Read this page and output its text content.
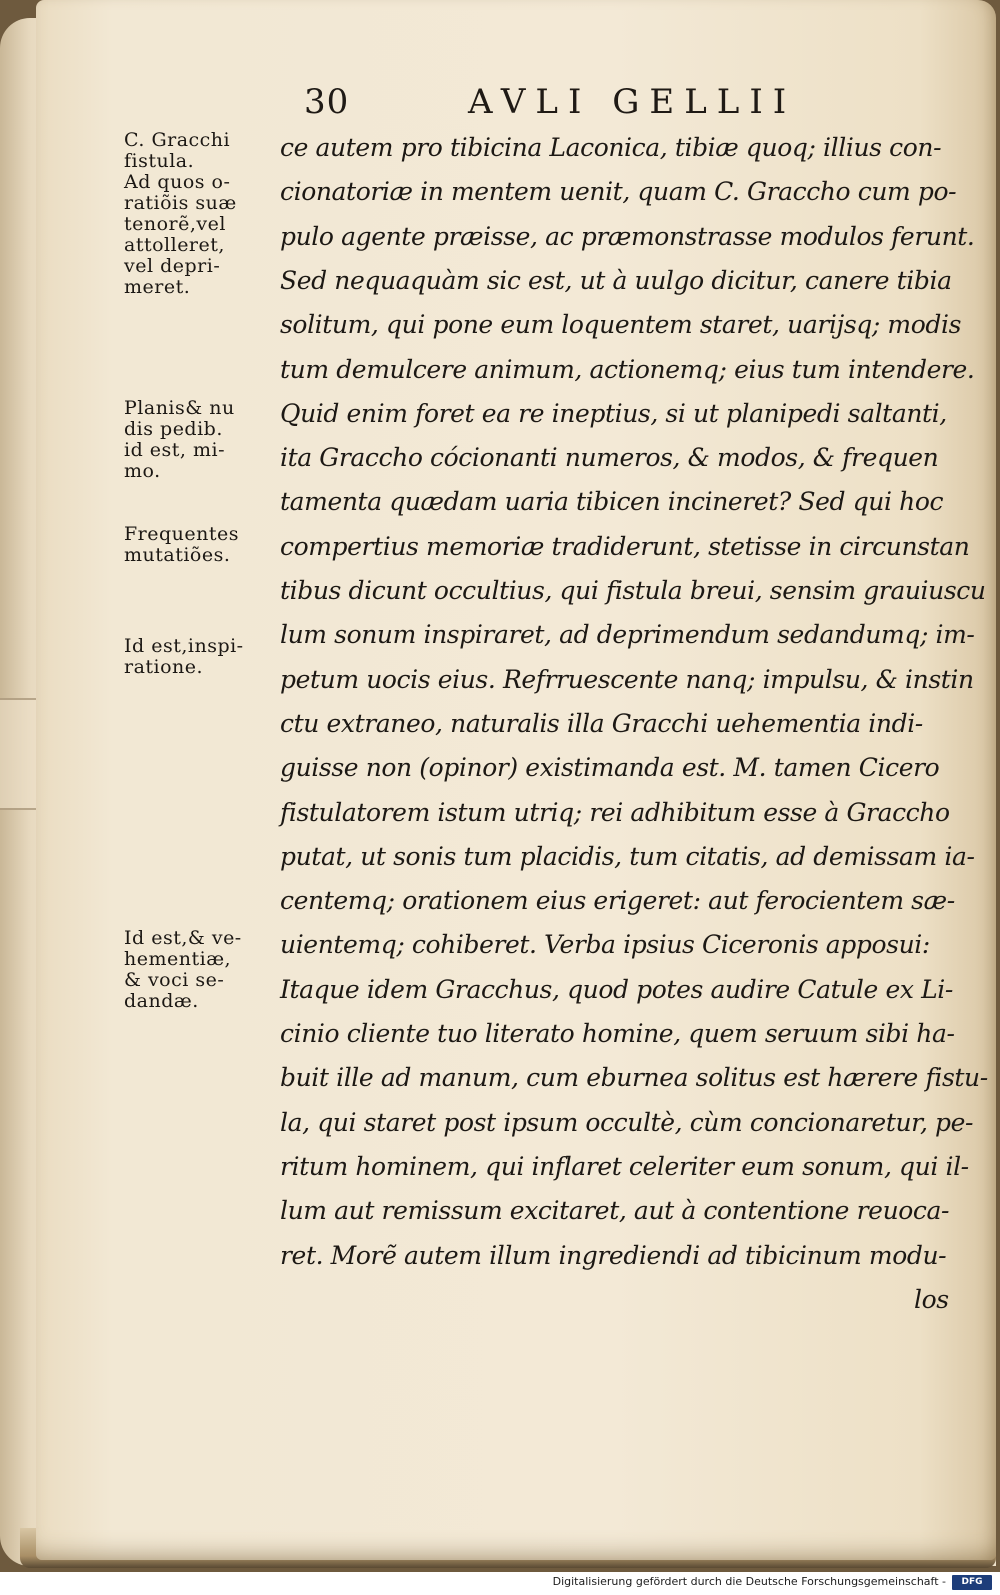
30	AVLI GELLII

C. Gracchi
fistula.
Ad quos o-
ratiõis suæ
tenorẽ,vel
attolleret,
vel depri-
meret.

Planis& nu
dis pedib.
id est, mi-
mo.

Frequentes
mutatiões.

Id est,inspi-
ratione.

Id est,& ve-
hementiæ,
& voci se-
dandæ.

ce autem pro tibicina Laconica, tibiæ quoq; illius con-
cionatoriæ in mentem uenit, quam C. Graccho cum po-
pulo agente præisse, ac præmonstrasse modulos ferunt.
Sed nequaquàm sic est, ut à uulgo dicitur, canere tibia
solitum, qui pone eum loquentem staret, uarijsq; modis
tum demulcere animum, actionemq; eius tum intendere.
Quid enim foret ea re ineptius, si ut planipedi saltanti,
ita Graccho cócionanti numeros, & modos, & frequen
tamenta quædam uaria tibicen incineret? Sed qui hoc
compertius memoriæ tradiderunt, stetisse in circunstan
tibus dicunt occultius, qui fistula breui, sensim grauiuscu
lum sonum inspiraret, ad deprimendum sedandumq; im-
petum uocis eius. Refrruescente nanq; impulsu, & instin
ctu extraneo, naturalis illa Gracchi uehementia indi-
guisse non (opinor) existimanda est. M. tamen Cicero
fistulatorem istum utriq; rei adhibitum esse à Graccho
putat, ut sonis tum placidis, tum citatis, ad demissam ia-
centemq; orationem eius erigeret: aut ferocientem sæ-
uientemq; cohiberet. Verba ipsius Ciceronis apposui:
Itaque idem Gracchus, quod potes audire Catule ex Li-
cinio cliente tuo literato homine, quem seruum sibi ha-
buit ille ad manum, cum eburnea solitus est hærere fistu-
la, qui staret post ipsum occultè, cùm concionaretur, pe-
ritum hominem, qui inflaret celeriter eum sonum, qui il-
lum aut remissum excitaret, aut à contentione reuoca-
ret. Morẽ autem illum ingrediendi ad tibicinum modu-
los
Digitalisierung gefördert durch die Deutsche Forschungsgemeinschaft -	DFG
